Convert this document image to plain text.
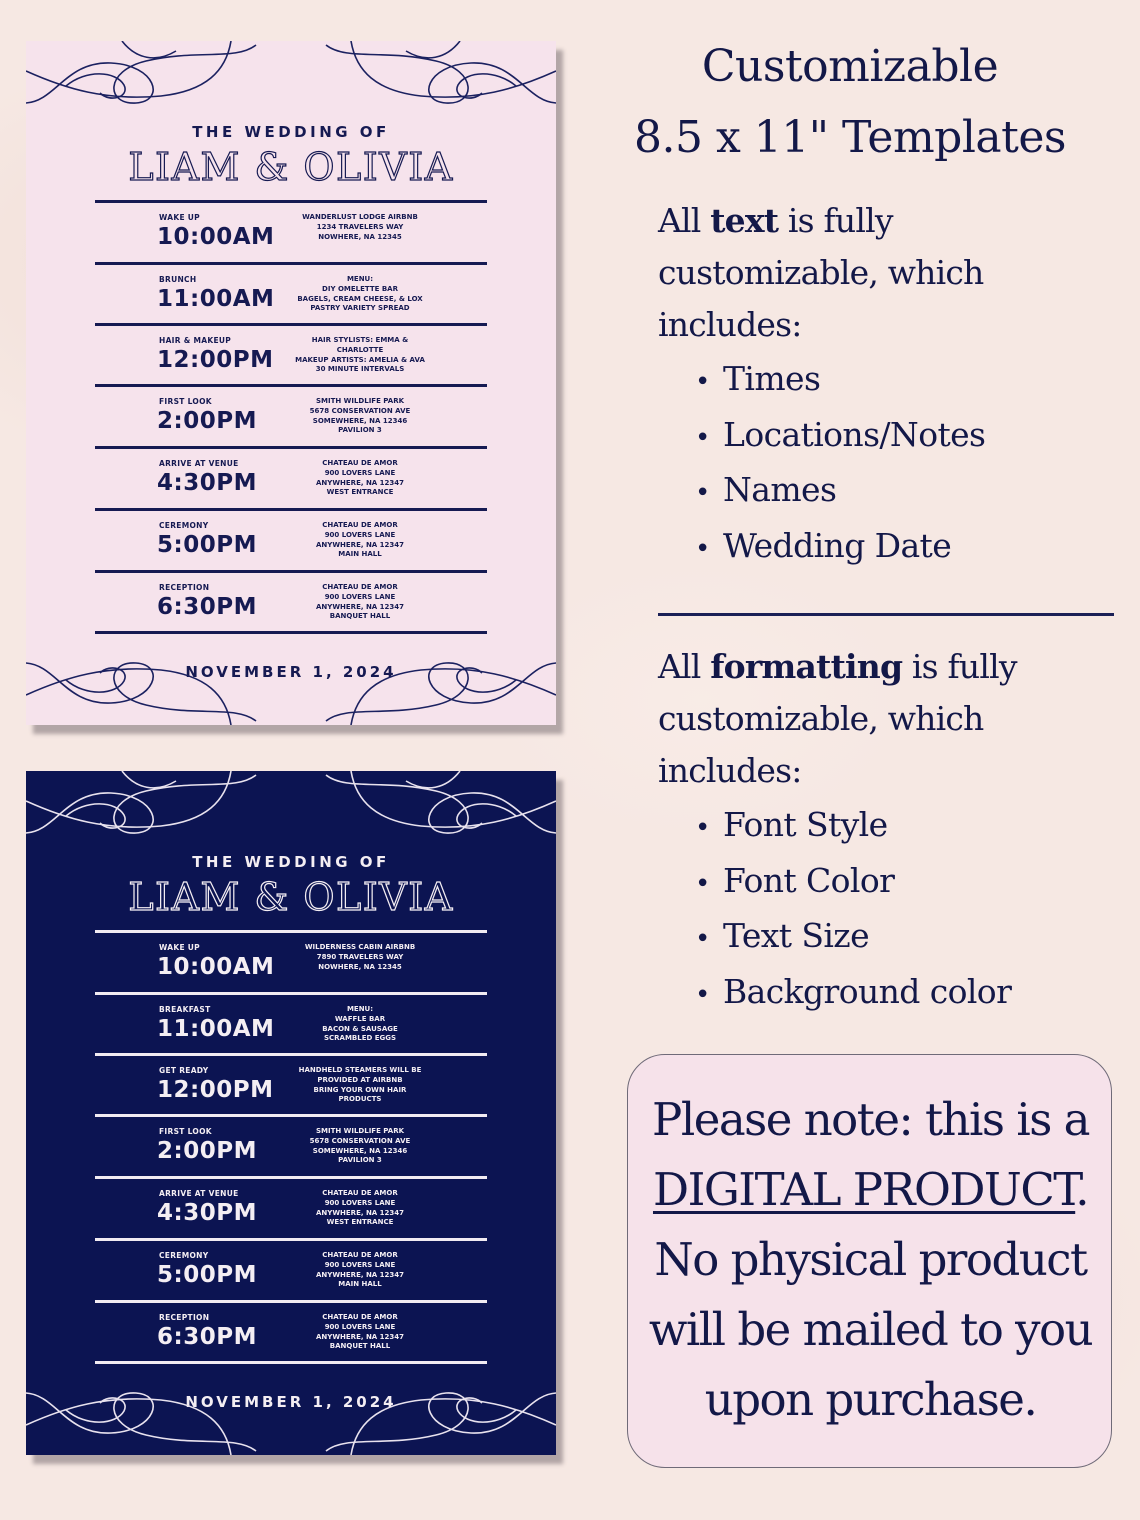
THE WEDDING OF
LIAM & OLIVIA
WAKE UP
10:00AM
WANDERLUST LODGE AIRBNB
1234 TRAVELERS WAY
NOWHERE, NA 12345
BRUNCH
11:00AM
MENU:
DIY OMELETTE BAR
BAGELS, CREAM CHEESE, & LOX
PASTRY VARIETY SPREAD
HAIR & MAKEUP
12:00PM
HAIR STYLISTS: EMMA &
CHARLOTTE
MAKEUP ARTISTS: AMELIA & AVA
30 MINUTE INTERVALS
FIRST LOOK
2:00PM
SMITH WILDLIFE PARK
5678 CONSERVATION AVE
SOMEWHERE, NA 12346
PAVILION 3
ARRIVE AT VENUE
4:30PM
CHATEAU DE AMOR
900 LOVERS LANE
ANYWHERE, NA 12347
WEST ENTRANCE
CEREMONY
5:00PM
CHATEAU DE AMOR
900 LOVERS LANE
ANYWHERE, NA 12347
MAIN HALL
RECEPTION
6:30PM
CHATEAU DE AMOR
900 LOVERS LANE
ANYWHERE, NA 12347
BANQUET HALL
NOVEMBER 1, 2024
THE WEDDING OF
LIAM & OLIVIA
WAKE UP
10:00AM
WILDERNESS CABIN AIRBNB
7890 TRAVELERS WAY
NOWHERE, NA 12345
BREAKFAST
11:00AM
MENU:
WAFFLE BAR
BACON & SAUSAGE
SCRAMBLED EGGS
GET READY
12:00PM
HANDHELD STEAMERS WILL BE
PROVIDED AT AIRBNB
BRING YOUR OWN HAIR
PRODUCTS
FIRST LOOK
2:00PM
SMITH WILDLIFE PARK
5678 CONSERVATION AVE
SOMEWHERE, NA 12346
PAVILION 3
ARRIVE AT VENUE
4:30PM
CHATEAU DE AMOR
900 LOVERS LANE
ANYWHERE, NA 12347
WEST ENTRANCE
CEREMONY
5:00PM
CHATEAU DE AMOR
900 LOVERS LANE
ANYWHERE, NA 12347
MAIN HALL
RECEPTION
6:30PM
CHATEAU DE AMOR
900 LOVERS LANE
ANYWHERE, NA 12347
BANQUET HALL
NOVEMBER 1, 2024
Customizable
8.5 x 11" Templates
All text is fully
customizable, which
includes:
• Times
• Locations/Notes
• Names
• Wedding Date
All formatting is fully
customizable, which
includes:
• Font Style
• Font Color
• Text Size
• Background color
Please note: this is a
DIGITAL PRODUCT.
No physical product
will be mailed to you
upon purchase.
